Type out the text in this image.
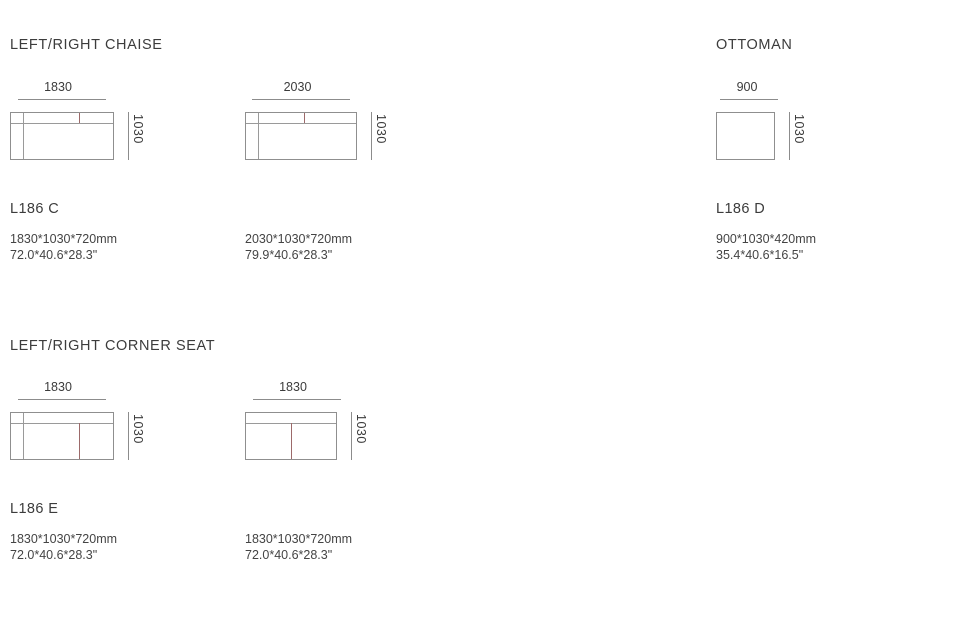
LEFT/RIGHT CHAISE
1830
1030
2030
1030
L186 C
1830*1030*720mm
72.0*40.6*28.3"
2030*1030*720mm
79.9*40.6*28.3"
OTTOMAN
900
1030
L186 D
900*1030*420mm
35.4*40.6*16.5"
LEFT/RIGHT CORNER SEAT
1830
1030
1830
1030
L186 E
1830*1030*720mm
72.0*40.6*28.3"
1830*1030*720mm
72.0*40.6*28.3"
